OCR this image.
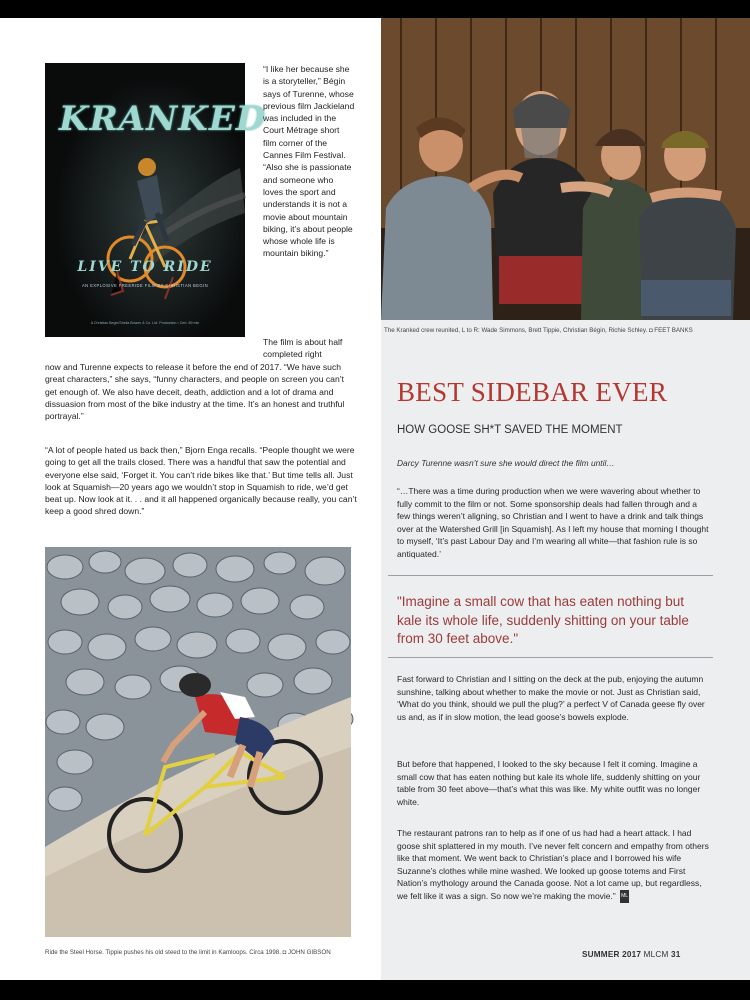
KRANKED
LIVE TO RIDE
AN EXPLOSIVE FREERIDE FILM BY CHRISTIAN BEGIN
A Christian Begin/Sheila Bowen & Co. Ltd. Production • Cert. 89 min

“I like her because she is a storyteller,” Bégin says of Turenne, whose previous film Jackieland was included in the Court Métrage short film corner of the Cannes Film Festival. “Also she is passionate and someone who loves the sport and understands it is not a movie about mountain biking, it’s about people whose whole life is mountain biking.”

The film is about half completed right

now and Turenne expects to release it before the end of 2017. “We have such great characters,” she says, “funny characters, and people on screen you can’t get enough of. We also have deceit, death, addiction and a lot of drama and dissuasion from most of the bike industry at the time. It’s an honest and truthful portrayal.”

“A lot of people hated us back then,” Bjorn Enga recalls. “People thought we were going to get all the trails closed. There was a handful that saw the potential and everyone else said, ‘Forget it. You can’t ride bikes like that.’ But time tells all. Just look at Squamish—20 years ago we wouldn’t stop in Squamish to ride, we’d get beat up. Now look at it. . . and it all happened organically because really, you can’t keep a good shred down.”

The Kranked crew reunited, L to R: Wade Simmons, Brett Tippie, Christian Bégin, Richie Schley. ◘ FEET BANKS
Ride the Steel Horse. Tippie pushes his old steed to the limit in Kamloops. Circa 1998. ◘ JOHN GIBSON
BEST SIDEBAR EVER
HOW GOOSE SH*T SAVED THE MOMENT
Darcy Turenne wasn’t sure she would direct the film until…

“…There was a time during production when we were wavering about whether to fully commit to the film or not. Some sponsorship deals had fallen through and a few things weren’t aligning, so Christian and I went to have a drink and talk things over at the Watershed Grill [in Squamish]. As I left my house that morning I thought to myself, ‘It’s past Labour Day and I’m wearing all white—that fashion rule is so antiquated.’

"Imagine a small cow that has eaten nothing but kale its whole life, suddenly shitting on your table from 30 feet above."

Fast forward to Christian and I sitting on the deck at the pub, enjoying the autumn sunshine, talking about whether to make the movie or not. Just as Christian said, ‘What do you think, should we pull the plug?’ a perfect V of Canada geese fly over us and, as if in slow motion, the lead goose’s bowels explode.

But before that happened, I looked to the sky because I felt it coming. Imagine a small cow that has eaten nothing but kale its whole life, suddenly shitting on your table from 30 feet above—that’s what this was like. My white outfit was no longer white.

The restaurant patrons ran to help as if one of us had had a heart attack. I had goose shit splattered in my mouth. I’ve never felt concern and empathy from others like that moment. We went back to Christian’s place and I borrowed his wife Suzanne’s clothes while mine washed. We looked up goose totems and First Nation’s mythology around the Canada goose. Not a lot came up, but regardless, we felt like it was a sign. So now we’re making the movie.” ML

SUMMER 2017 MLCM 31
